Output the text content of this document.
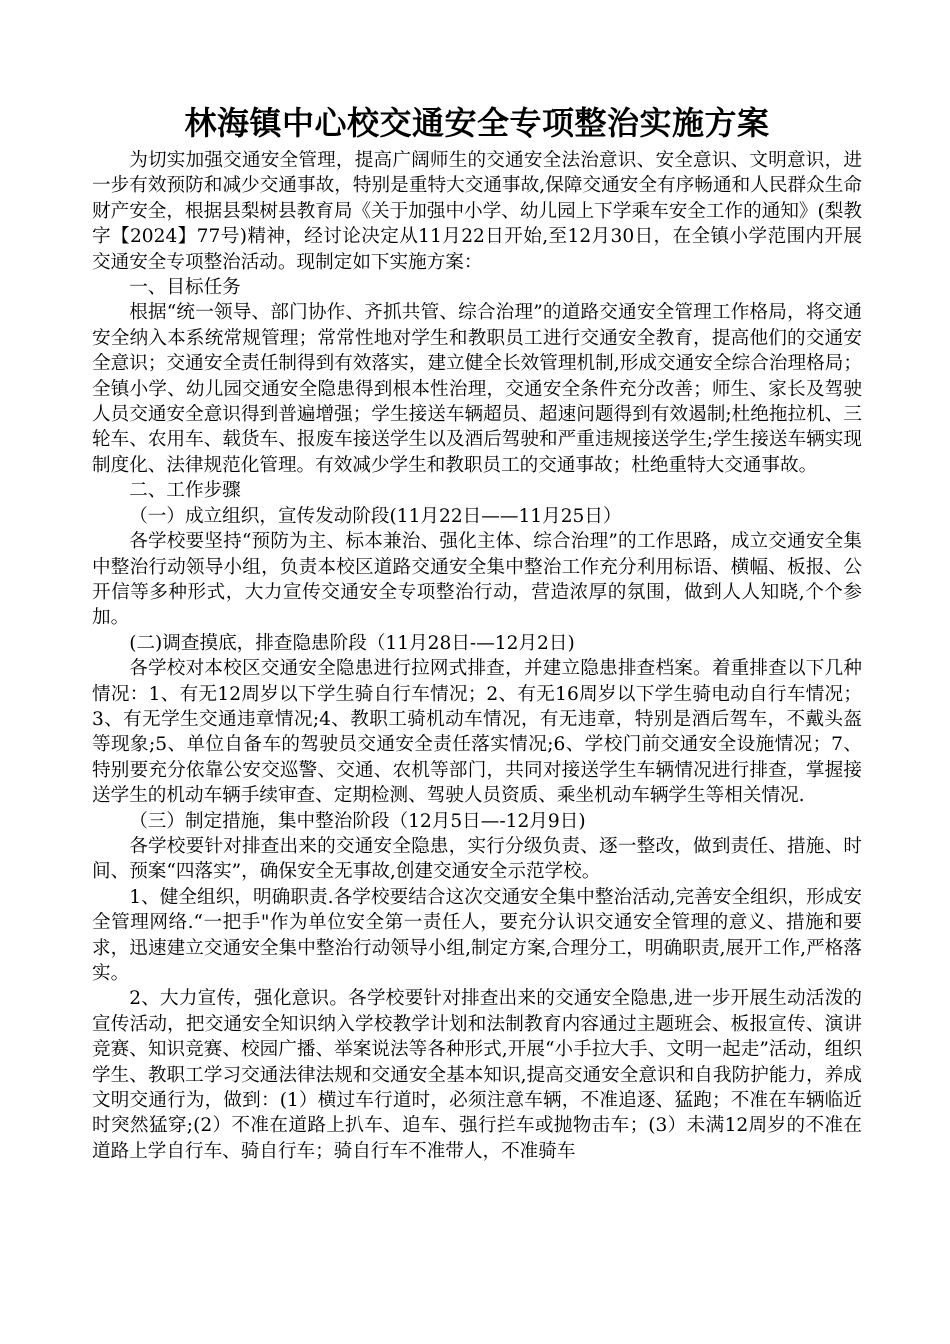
林海镇中心校交通安全专项整治实施方案

为切实加强交通安全管理，提高广阔师生的交通安全法治意识、安全意识、文明意识，进一步有效预防和减少交通事故，特别是重特大交通事故,保障交通安全有序畅通和人民群众生命财产安全，根据县梨树县教育局《关于加强中小学、幼儿园上下学乘车安全工作的通知》(梨教字【2024】77号)精神，经讨论决定从11月22日开始,至12月30日，在全镇小学范围内开展交通安全专项整治活动。现制定如下实施方案：

一、目标任务

根据“统一领导、部门协作、齐抓共管、综合治理”的道路交通安全管理工作格局，将交通安全纳入本系统常规管理；常常性地对学生和教职员工进行交通安全教育，提高他们的交通安全意识；交通安全责任制得到有效落实，建立健全长效管理机制,形成交通安全综合治理格局；全镇小学、幼儿园交通安全隐患得到根本性治理，交通安全条件充分改善；师生、家长及驾驶人员交通安全意识得到普遍增强；学生接送车辆超员、超速问题得到有效遏制;杜绝拖拉机、三轮车、农用车、载货车、报废车接送学生以及酒后驾驶和严重违规接送学生;学生接送车辆实现制度化、法律规范化管理。有效减少学生和教职员工的交通事故；杜绝重特大交通事故。

二、工作步骤

（一）成立组织，宣传发动阶段(11月22日——11月25日）

各学校要坚持“预防为主、标本兼治、强化主体、综合治理”的工作思路，成立交通安全集中整治行动领导小组，负责本校区道路交通安全集中整治工作充分利用标语、横幅、板报、公开信等多种形式，大力宣传交通安全专项整治行动，营造浓厚的氛围，做到人人知晓,个个参加。

(二)调查摸底，排查隐患阶段（11月28日-—12月2日)

各学校对本校区交通安全隐患进行拉网式排查，并建立隐患排查档案。着重排查以下几种情况：1、有无12周岁以下学生骑自行车情况；2、有无16周岁以下学生骑电动自行车情况；3、有无学生交通违章情况;4、教职工骑机动车情况，有无违章，特别是酒后驾车，不戴头盔等现象;5、单位自备车的驾驶员交通安全责任落实情况;6、学校门前交通安全设施情况；7、特别要充分依靠公安交巡警、交通、农机等部门，共同对接送学生车辆情况进行排查，掌握接送学生的机动车辆手续审查、定期检测、驾驶人员资质、乘坐机动车辆学生等相关情况.

（三）制定措施，集中整治阶段（12月5日—-12月9日)

各学校要针对排查出来的交通安全隐患，实行分级负责、逐一整改，做到责任、措施、时间、预案“四落实”，确保安全无事故,创建交通安全示范学校。

1、健全组织，明确职责.各学校要结合这次交通安全集中整治活动,完善安全组织，形成安全管理网络.“一把手"作为单位安全第一责任人，要充分认识交通安全管理的意义、措施和要求，迅速建立交通安全集中整治行动领导小组,制定方案,合理分工，明确职责,展开工作,严格落实。

2、大力宣传，强化意识。各学校要针对排查出来的交通安全隐患,进一步开展生动活泼的宣传活动，把交通安全知识纳入学校教学计划和法制教育内容通过主题班会、板报宣传、演讲竞赛、知识竞赛、校园广播、举案说法等各种形式,开展“小手拉大手、文明一起走”活动，组织学生、教职工学习交通法律法规和交通安全基本知识,提高交通安全意识和自我防护能力，养成文明交通行为，做到：(1）横过车行道时，必须注意车辆，不准追逐、猛跑；不准在车辆临近时突然猛穿;(2）不准在道路上扒车、追车、强行拦车或抛物击车；(3）未满12周岁的不准在道路上学自行车、骑自行车；骑自行车不准带人，不准骑车
